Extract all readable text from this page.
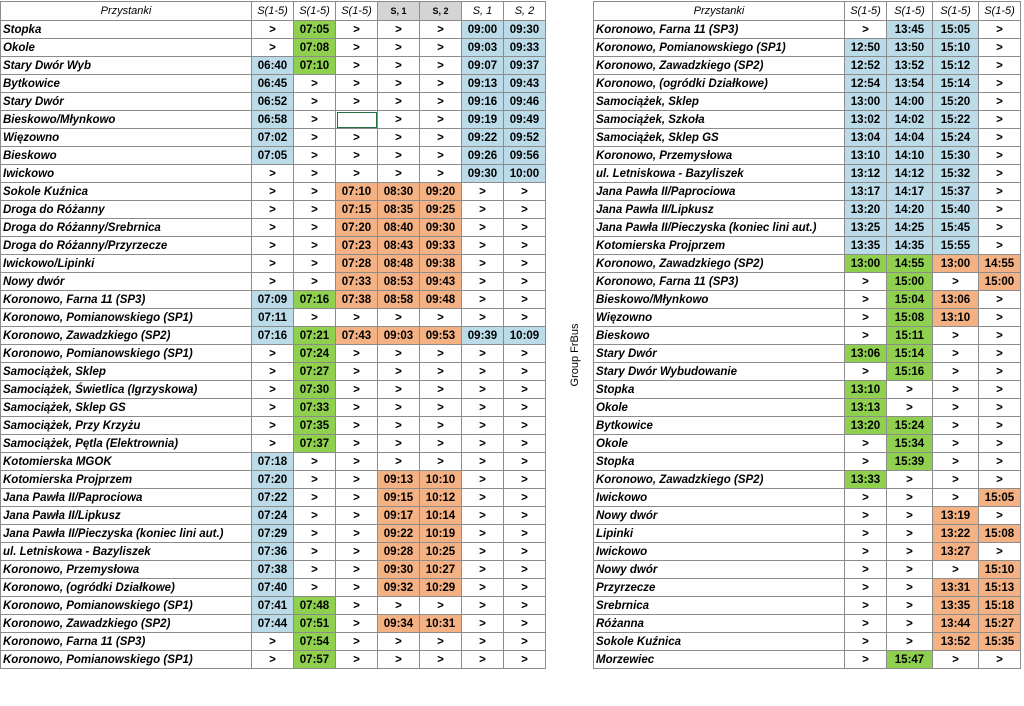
Przystanki	S(1-5)	S(1-5)	S(1-5)	S, 1	S, 2	S, 1	S, 2
Stopka	>	07:05	>	>	>	09:00	09:30
Okole	>	07:08	>	>	>	09:03	09:33
Stary Dwór Wyb	06:40	07:10	>	>	>	09:07	09:37
Bytkowice	06:45	>	>	>	>	09:13	09:43
Stary Dwór	06:52	>	>	>	>	09:16	09:46
Bieskowo/Młynkowo	06:58	>		>	>	09:19	09:49
Więzowno	07:02	>	>	>	>	09:22	09:52
Bieskowo	07:05	>	>	>	>	09:26	09:56
Iwickowo	>	>	>	>	>	09:30	10:00
Sokole Kuźnica	>	>	07:10	08:30	09:20	>	>
Droga do Różanny	>	>	07:15	08:35	09:25	>	>
Droga do Różanny/Srebrnica	>	>	07:20	08:40	09:30	>	>
Droga do Różanny/Przyrzecze	>	>	07:23	08:43	09:33	>	>
Iwickowo/Lipinki	>	>	07:28	08:48	09:38	>	>
Nowy dwór	>	>	07:33	08:53	09:43	>	>
Koronowo, Farna 11 (SP3)	07:09	07:16	07:38	08:58	09:48	>	>
Koronowo, Pomianowskiego (SP1)	07:11	>	>	>	>	>	>
Koronowo, Zawadzkiego (SP2)	07:16	07:21	07:43	09:03	09:53	09:39	10:09
Koronowo, Pomianowskiego (SP1)	>	07:24	>	>	>	>	>
Samociążek, Sklep	>	07:27	>	>	>	>	>
Samociążek, Świetlica (Igrzyskowa)	>	07:30	>	>	>	>	>
Samociążek, Sklep GS	>	07:33	>	>	>	>	>
Samociążek, Przy Krzyżu	>	07:35	>	>	>	>	>
Samociążek, Pętla (Elektrownia)	>	07:37	>	>	>	>	>
Kotomierska MGOK	07:18	>	>	>	>	>	>
Kotomierska Projprzem	07:20	>	>	09:13	10:10	>	>
Jana Pawła II/Paprociowa	07:22	>	>	09:15	10:12	>	>
Jana Pawła II/Lipkusz	07:24	>	>	09:17	10:14	>	>
Jana Pawła II/Pieczyska (koniec lini aut.)	07:29	>	>	09:22	10:19	>	>
ul. Letniskowa - Bazyliszek	07:36	>	>	09:28	10:25	>	>
Koronowo, Przemysłowa	07:38	>	>	09:30	10:27	>	>
Koronowo, (ogródki Działkowe)	07:40	>	>	09:32	10:29	>	>
Koronowo, Pomianowskiego (SP1)	07:41	07:48	>	>	>	>	>
Koronowo, Zawadzkiego (SP2)	07:44	07:51	>	09:34	10:31	>	>
Koronowo, Farna 11 (SP3)	>	07:54	>	>	>	>	>
Koronowo, Pomianowskiego (SP1)	>	07:57	>	>	>	>	>
Group FrBus
Przystanki	S(1-5)	S(1-5)	S(1-5)	S(1-5)
Koronowo, Farna 11 (SP3)	>	13:45	15:05	>
Koronowo, Pomianowskiego (SP1)	12:50	13:50	15:10	>
Koronowo, Zawadzkiego (SP2)	12:52	13:52	15:12	>
Koronowo, (ogródki Działkowe)	12:54	13:54	15:14	>
Samociążek, Sklep	13:00	14:00	15:20	>
Samociążek, Szkoła	13:02	14:02	15:22	>
Samociążek, Sklep GS	13:04	14:04	15:24	>
Koronowo, Przemysłowa	13:10	14:10	15:30	>
ul. Letniskowa - Bazyliszek	13:12	14:12	15:32	>
Jana Pawła II/Paprociowa	13:17	14:17	15:37	>
Jana Pawła II/Lipkusz	13:20	14:20	15:40	>
Jana Pawła II/Pieczyska (koniec lini aut.)	13:25	14:25	15:45	>
Kotomierska Projprzem	13:35	14:35	15:55	>
Koronowo, Zawadzkiego (SP2)	13:00	14:55	13:00	14:55
Koronowo, Farna 11 (SP3)	>	15:00	>	15:00
Bieskowo/Młynkowo	>	15:04	13:06	>
Więzowno	>	15:08	13:10	>
Bieskowo	>	15:11	>	>
Stary Dwór	13:06	15:14	>	>
Stary Dwór Wybudowanie	>	15:16	>	>
Stopka	13:10	>	>	>
Okole	13:13	>	>	>
Bytkowice	13:20	15:24	>	>
Okole	>	15:34	>	>
Stopka	>	15:39	>	>
Koronowo, Zawadzkiego (SP2)	13:33	>	>	>
Iwickowo	>	>	>	15:05
Nowy dwór	>	>	13:19	>
Lipinki	>	>	13:22	15:08
Iwickowo	>	>	13:27	>
Nowy dwór	>	>	>	15:10
Przyrzecze	>	>	13:31	15:13
Srebrnica	>	>	13:35	15:18
Różanna	>	>	13:44	15:27
Sokole Kuźnica	>	>	13:52	15:35
Morzewiec	>	15:47	>	>
